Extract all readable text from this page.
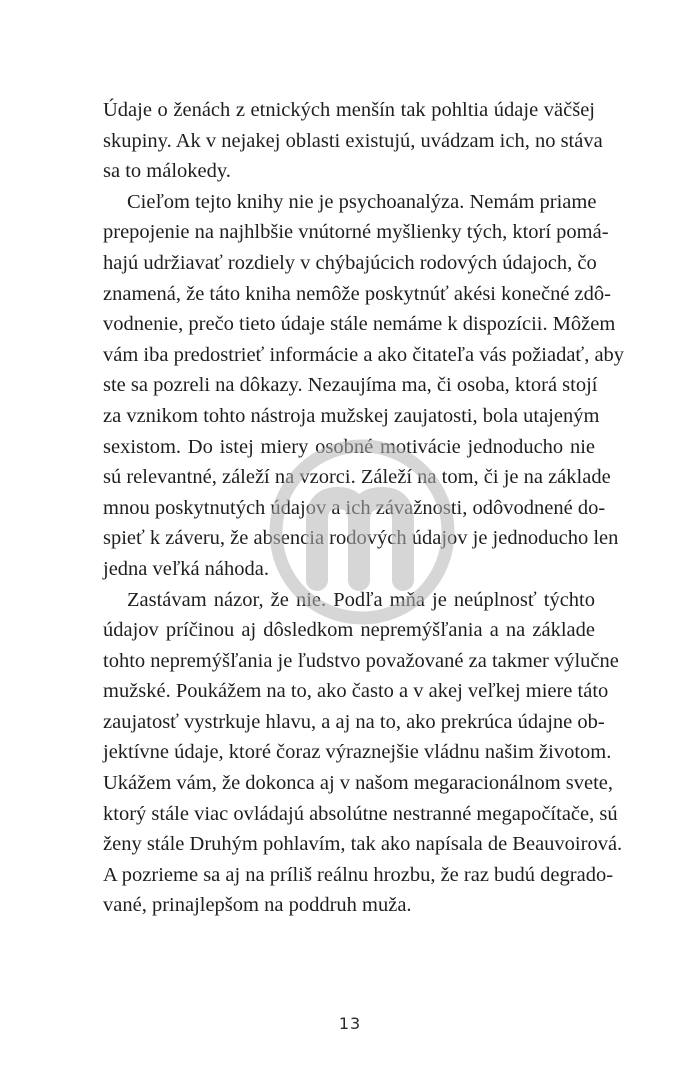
Údaje o ženách z etnických menšín tak pohltia údaje väčšej
skupiny. Ak v nejakej oblasti existujú, uvádzam ich, no stáva
sa to málokedy.
Cieľom tejto knihy nie je psychoanalýza. Nemám priame
prepojenie na najhlbšie vnútorné myšlienky tých, ktorí pomá-
hajú udržiavať rozdiely v chýbajúcich rodových údajoch, čo
znamená, že táto kniha nemôže poskytnúť akési konečné zdô-
vodnenie, prečo tieto údaje stále nemáme k dispozícii. Môžem
vám iba predostrieť informácie a ako čitateľa vás požiadať, aby
ste sa pozreli na dôkazy. Nezaujíma ma, či osoba, ktorá stojí
za vznikom tohto nástroja mužskej zaujatosti, bola utajeným
sexistom. Do istej miery osobné motivácie jednoducho nie
sú relevantné, záleží na vzorci. Záleží na tom, či je na základe
mnou poskytnutých údajov a ich závažnosti, odôvodnené do-
spieť k záveru, že absencia rodových údajov je jednoducho len
jedna veľká náhoda.
Zastávam názor, že nie. Podľa mňa je neúplnosť týchto
údajov príčinou aj dôsledkom nepremýšľania a na základe
tohto nepremýšľania je ľudstvo považované za takmer výlučne
mužské. Poukážem na to, ako často a v akej veľkej miere táto
zaujatosť vystrkuje hlavu, a aj na to, ako prekrúca údajne ob-
jektívne údaje, ktoré čoraz výraznejšie vládnu našim životom.
Ukážem vám, že dokonca aj v našom megaracionálnom svete,
ktorý stále viac ovládajú absolútne nestranné megapočítače, sú
ženy stále Druhým pohlavím, tak ako napísala de Beauvoirová.
A pozrieme sa aj na príliš reálnu hrozbu, že raz budú degrado-
vané, prinajlepšom na poddruh muža.
13
